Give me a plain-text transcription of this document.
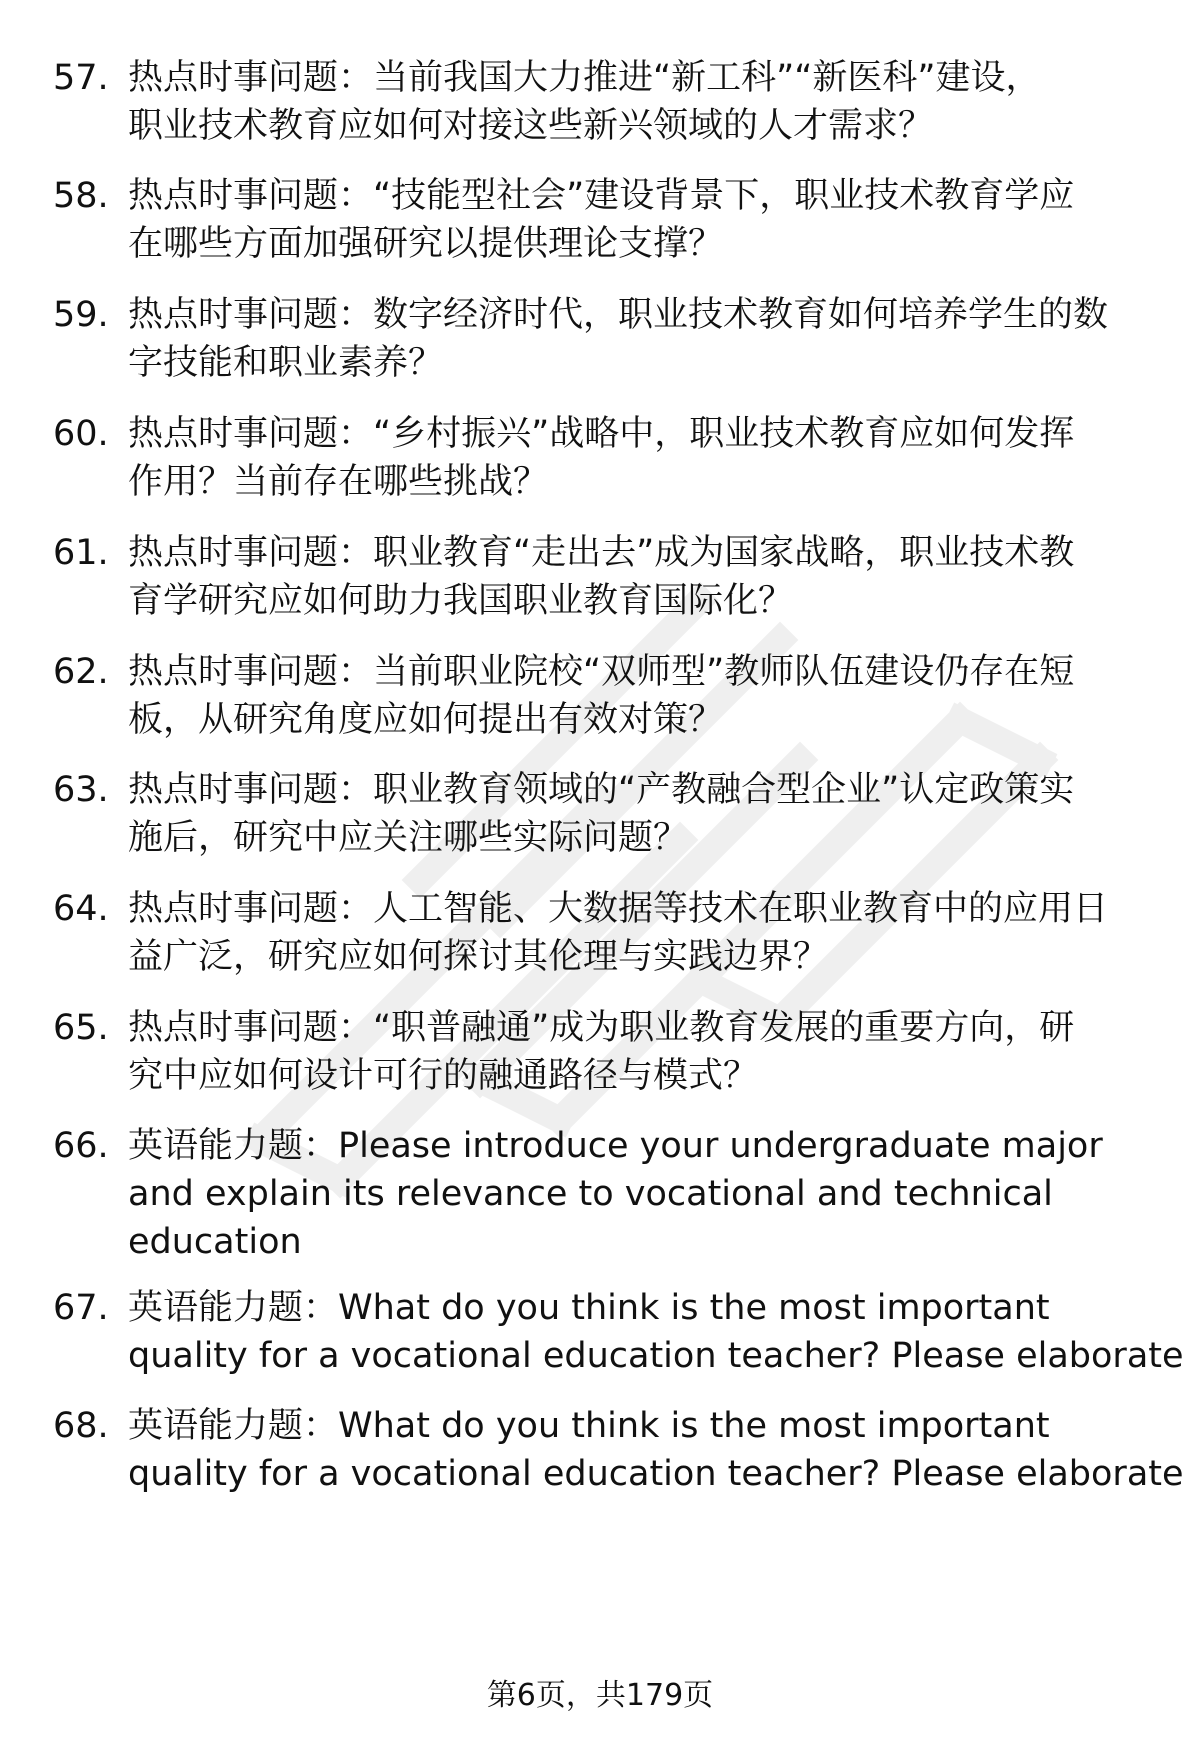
57. 热点时事问题：当前我国大力推进“新工科”“新医科”建设，
职业技术教育应如何对接这些新兴领域的人才需求？
58. 热点时事问题：“技能型社会”建设背景下，职业技术教育学应
在哪些方面加强研究以提供理论支撑？
59. 热点时事问题：数字经济时代，职业技术教育如何培养学生的数
字技能和职业素养？
60. 热点时事问题：“乡村振兴”战略中，职业技术教育应如何发挥
作用？当前存在哪些挑战？
61. 热点时事问题：职业教育“走出去”成为国家战略，职业技术教
育学研究应如何助力我国职业教育国际化？
62. 热点时事问题：当前职业院校“双师型”教师队伍建设仍存在短
板，从研究角度应如何提出有效对策？
63. 热点时事问题：职业教育领域的“产教融合型企业”认定政策实
施后，研究中应关注哪些实际问题？
64. 热点时事问题：人工智能、大数据等技术在职业教育中的应用日
益广泛，研究应如何探讨其伦理与实践边界？
65. 热点时事问题：“职普融通”成为职业教育发展的重要方向，研
究中应如何设计可行的融通路径与模式？
66. 英语能力题：Please introduce your undergraduate major
and explain its relevance to vocational and technical
education
67. 英语能力题：What do you think is the most important
quality for a vocational education teacher? Please elaborate
68. 英语能力题：What do you think is the most important
quality for a vocational education teacher? Please elaborate
第6页，共179页
